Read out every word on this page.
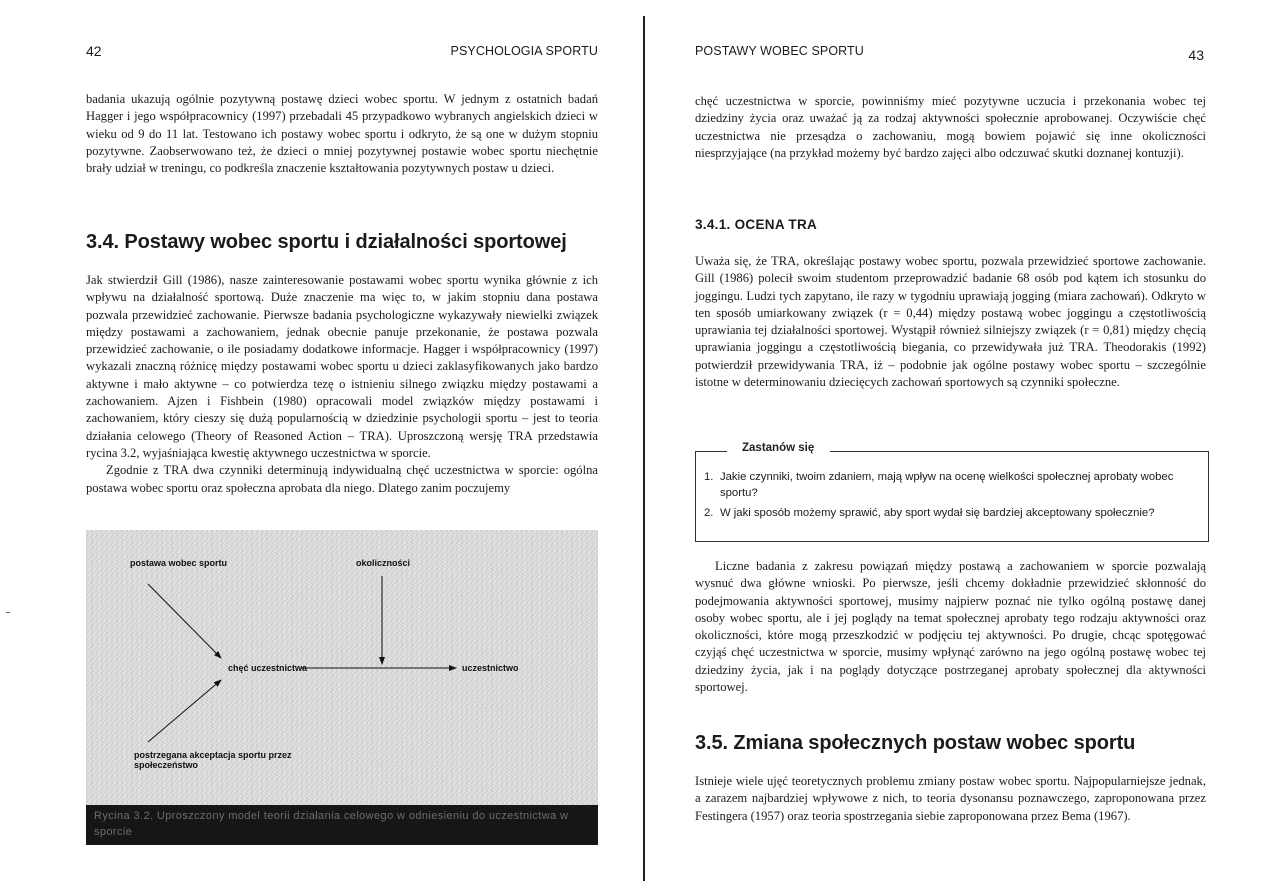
42	PSYCHOLOGIA SPORTU

badania ukazują ogólnie pozytywną postawę dzieci wobec sportu. W jednym z ostatnich badań Hagger i jego współpracownicy (1997) przebadali 45 przypadkowo wybranych angielskich dzieci w wieku od 9 do 11 lat. Testowano ich postawy wobec sportu i odkryto, że są one w dużym stopniu pozytywne. Zaobserwowano też, że dzieci o mniej pozytywnej postawie wobec sportu niechętnie brały udział w treningu, co podkreśla znaczenie kształtowania pozytywnych postaw u dzieci.

3.4. Postawy wobec sportu i działalności sportowej

Jak stwierdził Gill (1986), nasze zainteresowanie postawami wobec sportu wynika głównie z ich wpływu na działalność sportową. Duże znaczenie ma więc to, w jakim stopniu dana postawa pozwala przewidzieć zachowanie. Pierwsze badania psychologiczne wykazywały niewielki związek między postawami a zachowaniem, jednak obecnie panuje przekonanie, że postawa pozwala przewidzieć zachowanie, o ile posiadamy dodatkowe informacje. Hagger i współpracownicy (1997) wykazali znaczną różnicę między postawami wobec sportu u dzieci zaklasyfikowanych jako bardzo aktywne i mało aktywne – co potwierdza tezę o istnieniu silnego związku między postawami a zachowaniem. Ajzen i Fishbein (1980) opracowali model związków między postawami i zachowaniem, który cieszy się dużą popularnością w dziedzinie psychologii sportu – jest to teoria działania celowego (Theory of Reasoned Action – TRA). Uproszczoną wersję TRA przedstawia rycina 3.2, wyjaśniająca kwestię aktywnego uczestnictwa w sporcie.

Zgodnie z TRA dwa czynniki determinują indywidualną chęć uczestnictwa w sporcie: ogólna postawa wobec sportu oraz społeczna aprobata dla niego. Dlatego zanim poczujemy

postawa wobec sportu	okoliczności
chęć uczestnictwa	uczestnictwo
postrzegana akceptacja sportu przez społeczeństwo
Rycina 3.2. Uproszczony model teorii działania celowego w odniesieniu do uczestnictwa w sporcie
POSTAWY WOBEC SPORTU	43

chęć uczestnictwa w sporcie, powinniśmy mieć pozytywne uczucia i przekonania wobec tej dziedziny życia oraz uważać ją za rodzaj aktywności społecznie aprobowanej. Oczywiście chęć uczestnictwa nie przesądza o zachowaniu, mogą bowiem pojawić się inne okoliczności niesprzyjające (na przykład możemy być bardzo zajęci albo odczuwać skutki doznanej kontuzji).

3.4.1. OCENA TRA

Uważa się, że TRA, określając postawy wobec sportu, pozwala przewidzieć sportowe zachowanie. Gill (1986) polecił swoim studentom przeprowadzić badanie 68 osób pod kątem ich stosunku do joggingu. Ludzi tych zapytano, ile razy w tygodniu uprawiają jogging (miara zachowań). Odkryto w ten sposób umiarkowany związek (r = 0,44) między postawą wobec joggingu a częstotliwością uprawiania tej działalności sportowej. Wystąpił również silniejszy związek (r = 0,81) między chęcią uprawiania joggingu a częstotliwością biegania, co przewidywała już TRA. Theodorakis (1992) potwierdził przewidywania TRA, iż – podobnie jak ogólne postawy wobec sportu – szczególnie istotne w determinowaniu dziecięcych zachowań sportowych są czynniki społeczne.

Zastanów się
1. Jakie czynniki, twoim zdaniem, mają wpływ na ocenę wielkości społecznej aprobaty wobec sportu?
2. W jaki sposób możemy sprawić, aby sport wydał się bardziej akceptowany społecznie?

Liczne badania z zakresu powiązań między postawą a zachowaniem w sporcie pozwalają wysnuć dwa główne wnioski. Po pierwsze, jeśli chcemy dokładnie przewidzieć skłonność do podejmowania aktywności sportowej, musimy najpierw poznać nie tylko ogólną postawę danej osoby wobec sportu, ale i jej poglądy na temat społecznej aprobaty tego rodzaju aktywności oraz okoliczności, które mogą przeszkodzić w podjęciu tej aktywności. Po drugie, chcąc spotęgować czyjąś chęć uczestnictwa w sporcie, musimy wpłynąć zarówno na jego ogólną postawę wobec tej dziedziny życia, jak i na poglądy dotyczące postrzeganej aprobaty społecznej dla aktywności sportowej.

3.5. Zmiana społecznych postaw wobec sportu

Istnieje wiele ujęć teoretycznych problemu zmiany postaw wobec sportu. Najpopularniejsze jednak, a zarazem najbardziej wpływowe z nich, to teoria dysonansu poznawczego, zaproponowana przez Festingera (1957) oraz teoria spostrzegania siebie zaproponowana przez Bema (1967).
